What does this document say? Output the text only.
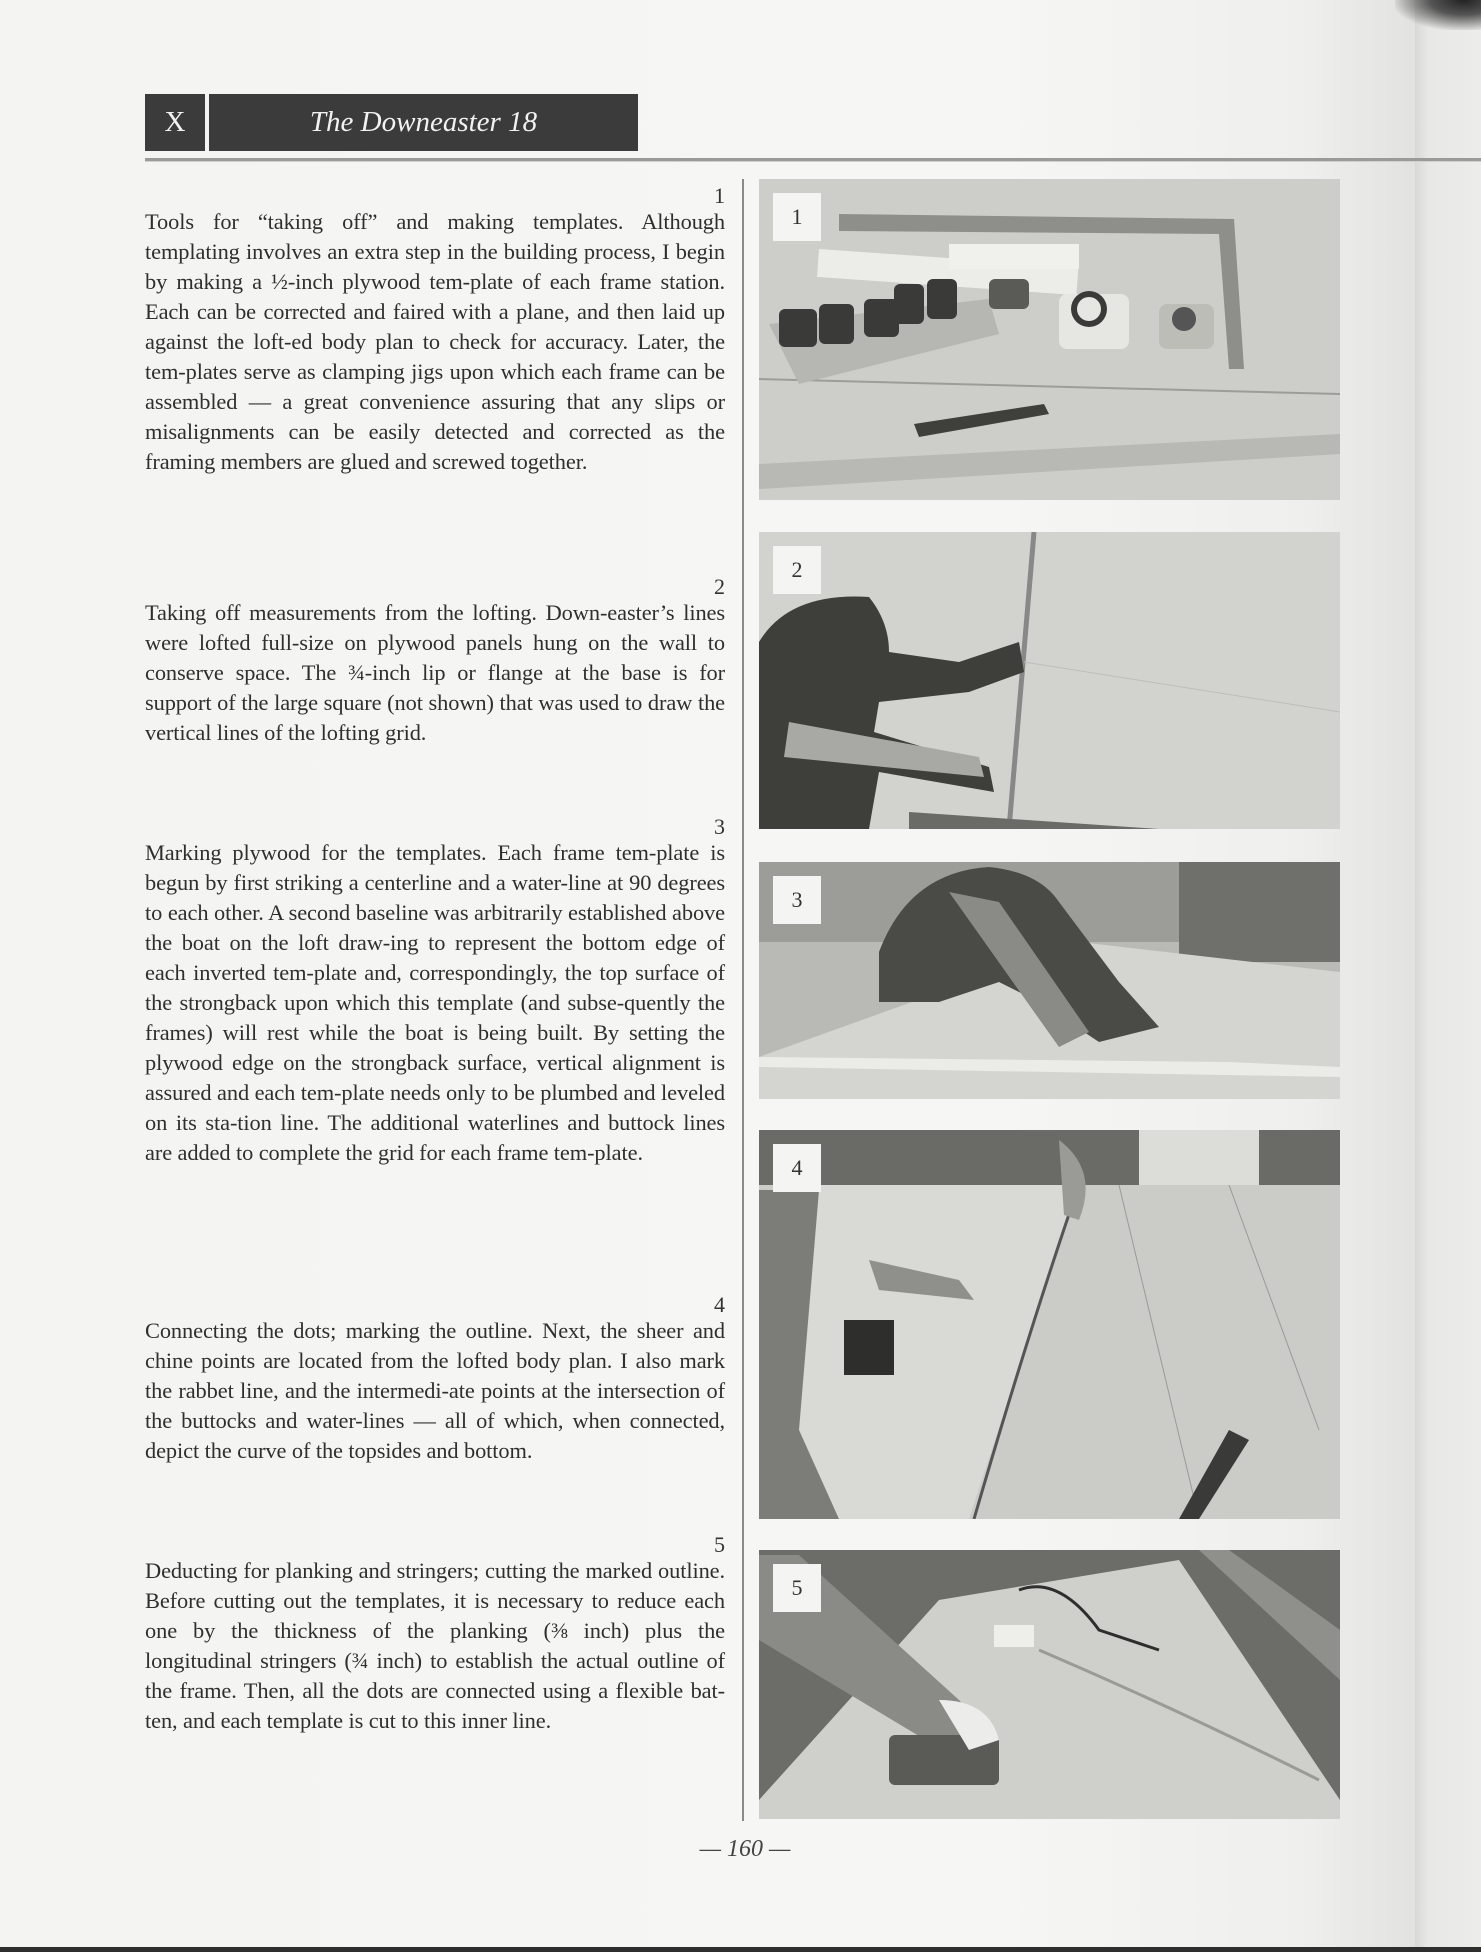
X	The Downeaster 18
1
Tools for “taking off” and making templates. Although templating involves an extra step in the building process, I begin by making a ½-inch plywood tem-plate of each frame station. Each can be corrected and faired with a plane, and then laid up against the loft-ed body plan to check for accuracy. Later, the tem-plates serve as clamping jigs upon which each frame can be assembled — a great convenience assuring that any slips or misalignments can be easily detected and corrected as the framing members are glued and screwed together.
2
Taking off measurements from the lofting. Down-easter’s lines were lofted full-size on plywood panels hung on the wall to conserve space. The ¾-inch lip or flange at the base is for support of the large square (not shown) that was used to draw the vertical lines of the lofting grid.
3
Marking plywood for the templates. Each frame tem-plate is begun by first striking a centerline and a water-line at 90 degrees to each other. A second baseline was arbitrarily established above the boat on the loft draw-ing to represent the bottom edge of each inverted tem-plate and, correspondingly, the top surface of the strongback upon which this template (and subse-quently the frames) will rest while the boat is being built. By setting the plywood edge on the strongback surface, vertical alignment is assured and each tem-plate needs only to be plumbed and leveled on its sta-tion line. The additional waterlines and buttock lines are added to complete the grid for each frame tem-plate.
4
Connecting the dots; marking the outline. Next, the sheer and chine points are located from the lofted body plan. I also mark the rabbet line, and the intermedi-ate points at the intersection of the buttocks and water-lines — all of which, when connected, depict the curve of the topsides and bottom.
5
Deducting for planking and stringers; cutting the marked outline. Before cutting out the templates, it is necessary to reduce each one by the thickness of the planking (⅜ inch) plus the longitudinal stringers (¾ inch) to establish the actual outline of the frame. Then, all the dots are connected using a flexible bat-ten, and each template is cut to this inner line.
1
2
3
4
5
— 160 —
